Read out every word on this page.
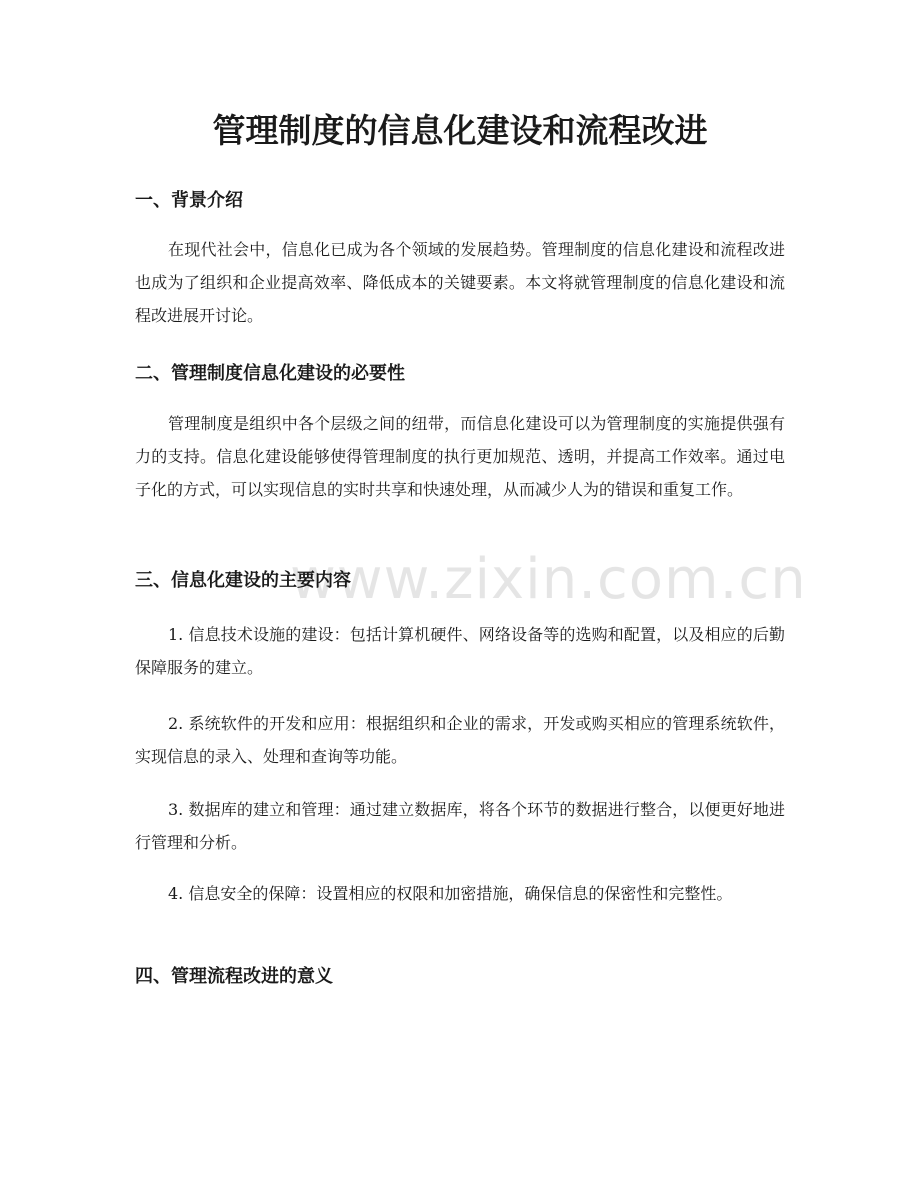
管理制度的信息化建设和流程改进
一、背景介绍

在现代社会中，信息化已成为各个领域的发展趋势。管理制度的信息化建设和流程改进也成为了组织和企业提高效率、降低成本的关键要素。本文将就管理制度的信息化建设和流程改进展开讨论。

二、管理制度信息化建设的必要性

管理制度是组织中各个层级之间的纽带，而信息化建设可以为管理制度的实施提供强有力的支持。信息化建设能够使得管理制度的执行更加规范、透明，并提高工作效率。通过电子化的方式，可以实现信息的实时共享和快速处理，从而减少人为的错误和重复工作。

三、信息化建设的主要内容

1. 信息技术设施的建设：包括计算机硬件、网络设备等的选购和配置，以及相应的后勤保障服务的建立。

2. 系统软件的开发和应用：根据组织和企业的需求，开发或购买相应的管理系统软件，实现信息的录入、处理和查询等功能。

3. 数据库的建立和管理：通过建立数据库，将各个环节的数据进行整合，以便更好地进行管理和分析。

4. 信息安全的保障：设置相应的权限和加密措施，确保信息的保密性和完整性。

四、管理流程改进的意义
www.zixin.com.cn
